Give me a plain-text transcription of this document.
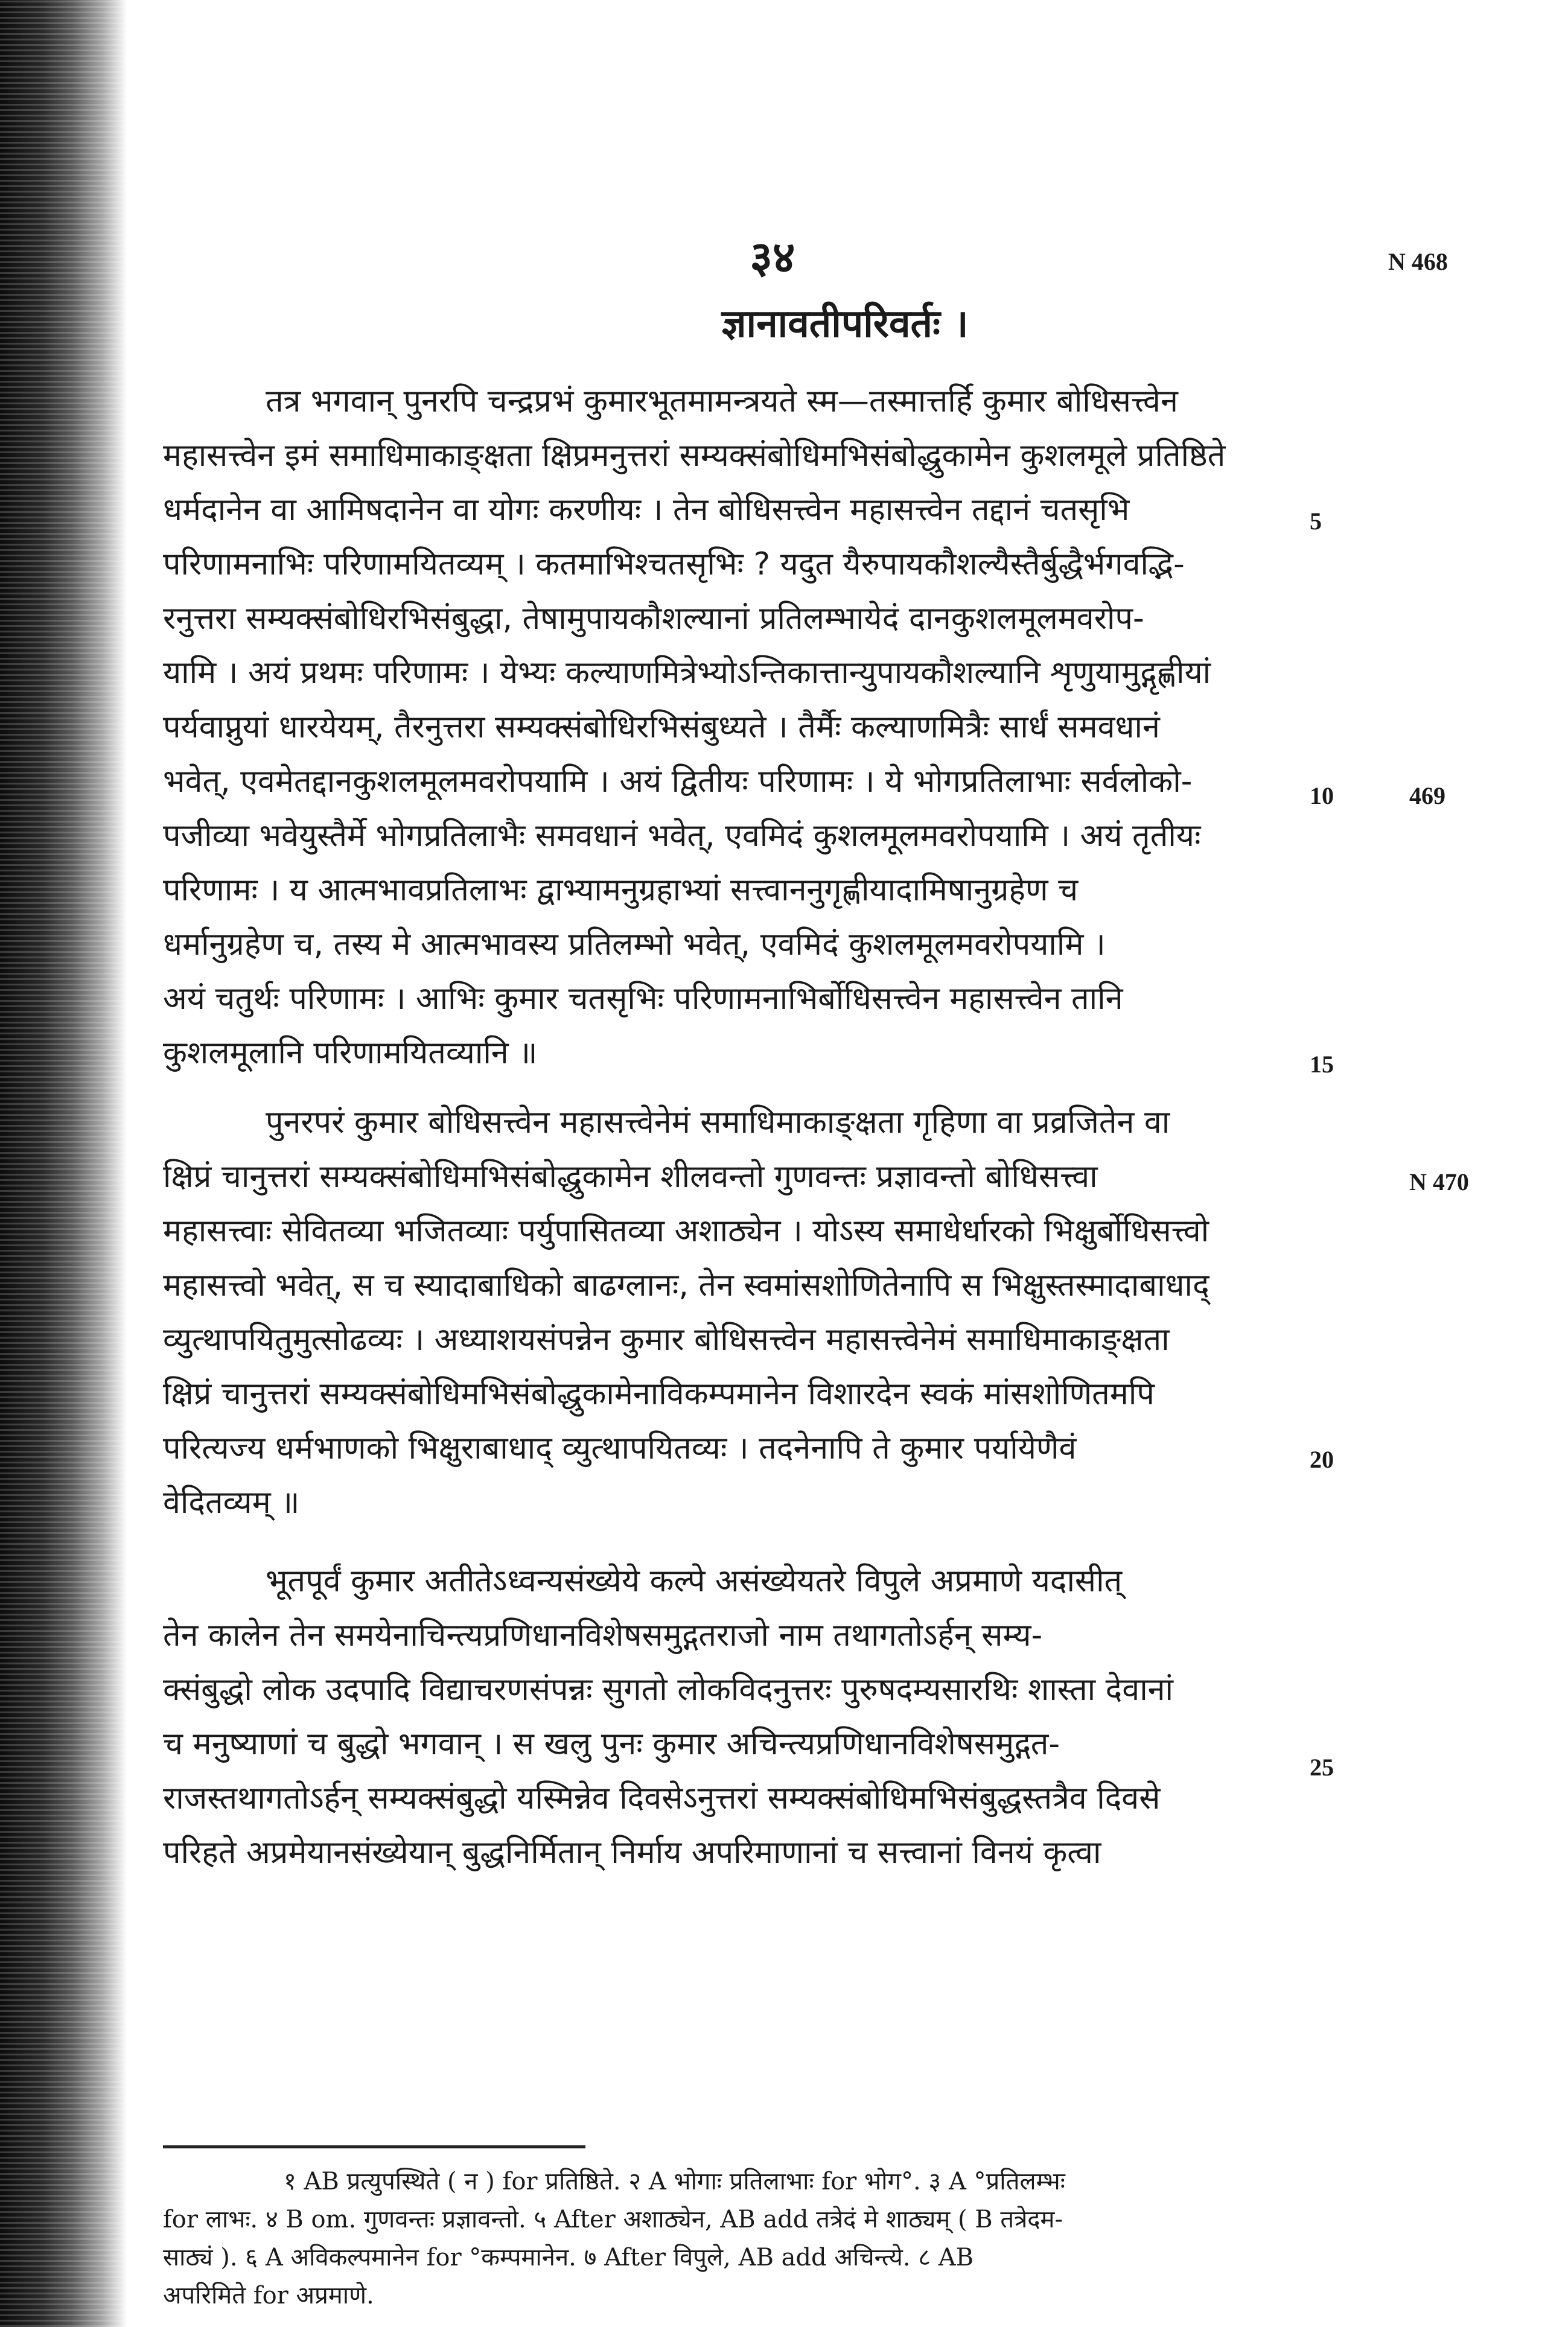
३४	N 468
ज्ञानावतीपरिवर्तः ।
तत्र भगवान् पुनरपि चन्द्रप्रभं कुमारभूतमामन्त्रयते स्म—तस्मात्तर्हि कुमार बोधिसत्त्वेन
महासत्त्वेन इमं समाधिमाकाङ्क्षता क्षिप्रमनुत्तरां सम्यक्संबोधिमभिसंबोद्धुकामेन कुशलमूले प्रतिष्ठिते
धर्मदानेन वा आमिषदानेन वा योगः करणीयः । तेन बोधिसत्त्वेन महासत्त्वेन तद्दानं चतसृभि
परिणामनाभिः परिणामयितव्यम् । कतमाभिश्चतसृभिः ? यदुत यैरुपायकौशल्यैस्तैर्बुद्धैर्भगवद्भि-
रनुत्तरा सम्यक्संबोधिरभिसंबुद्धा, तेषामुपायकौशल्यानां प्रतिलम्भायेदं दानकुशलमूलमवरोप-
यामि । अयं प्रथमः परिणामः । येभ्यः कल्याणमित्रेभ्योऽन्तिकात्तान्युपायकौशल्यानि शृणुयामुद्गृह्णीयां
पर्यवाप्नुयां धारयेयम्, तैरनुत्तरा सम्यक्संबोधिरभिसंबुध्यते । तैर्मैः कल्याणमित्रैः सार्धं समवधानं
भवेत्, एवमेतद्दानकुशलमूलमवरोपयामि । अयं द्वितीयः परिणामः । ये भोगप्रतिलाभाः सर्वलोको-
पजीव्या भवेयुस्तैर्मे भोगप्रतिलाभैः समवधानं भवेत्, एवमिदं कुशलमूलमवरोपयामि । अयं तृतीयः
परिणामः । य आत्मभावप्रतिलाभः द्वाभ्यामनुग्रहाभ्यां सत्त्वाननुगृह्णीयादामिषानुग्रहेण च
धर्मानुग्रहेण च, तस्य मे आत्मभावस्य प्रतिलम्भो भवेत्, एवमिदं कुशलमूलमवरोपयामि ।
अयं चतुर्थः परिणामः । आभिः कुमार चतसृभिः परिणामनाभिर्बोधिसत्त्वेन महासत्त्वेन तानि
कुशलमूलानि परिणामयितव्यानि ॥
5
10	469
15
पुनरपरं कुमार बोधिसत्त्वेन महासत्त्वेनेमं समाधिमाकाङ्क्षता गृहिणा वा प्रव्रजितेन वा
क्षिप्रं चानुत्तरां सम्यक्संबोधिमभिसंबोद्धुकामेन शीलवन्तो गुणवन्तः प्रज्ञावन्तो बोधिसत्त्वा
महासत्त्वाः सेवितव्या भजितव्याः पर्युपासितव्या अशाठ्येन । योऽस्य समाधेर्धारको भिक्षुर्बोधिसत्त्वो
महासत्त्वो भवेत्, स च स्यादाबाधिको बाढग्लानः, तेन स्वमांसशोणितेनापि स भिक्षुस्तस्मादाबाधाद्
व्युत्थापयितुमुत्सोढव्यः । अध्याशयसंपन्नेन कुमार बोधिसत्त्वेन महासत्त्वेनेमं समाधिमाकाङ्क्षता
क्षिप्रं चानुत्तरां सम्यक्संबोधिमभिसंबोद्धुकामेनाविकम्पमानेन विशारदेन स्वकं मांसशोणितमपि
परित्यज्य धर्मभाणको भिक्षुराबाधाद् व्युत्थापयितव्यः । तदनेनापि ते कुमार पर्यायेणैवं
वेदितव्यम् ॥
N 470
20
भूतपूर्वं कुमार अतीतेऽध्वन्यसंख्येये कल्पे असंख्येयतरे विपुले अप्रमाणे यदासीत्
तेन कालेन तेन समयेनाचिन्त्यप्रणिधानविशेषसमुद्गतराजो नाम तथागतोऽर्हन् सम्य-
क्संबुद्धो लोक उदपादि विद्याचरणसंपन्नः सुगतो लोकविदनुत्तरः पुरुषदम्यसारथिः शास्ता देवानां
च मनुष्याणां च बुद्धो भगवान् । स खलु पुनः कुमार अचिन्त्यप्रणिधानविशेषसमुद्गत-
राजस्तथागतोऽर्हन् सम्यक्संबुद्धो यस्मिन्नेव दिवसेऽनुत्तरां सम्यक्संबोधिमभिसंबुद्धस्तत्रैव दिवसे
परिहते अप्रमेयानसंख्येयान् बुद्धनिर्मितान् निर्माय अपरिमाणानां च सत्त्वानां विनयं कृत्वा
25
१ AB प्रत्युपस्थिते ( न ) for प्रतिष्ठिते. २ A भोगाः प्रतिलाभाः for भोग°. ३ A °प्रतिलम्भः
for लाभः. ४ B om. गुणवन्तः प्रज्ञावन्तो. ५ After अशाठ्येन, AB add तत्रेदं मे शाठ्यम् ( B तत्रेदम-
साठ्यं ). ६ A अविकल्पमानेन for °कम्पमानेन. ७ After विपुले, AB add अचिन्त्ये. ८ AB
अपरिमिते for अप्रमाणे.
